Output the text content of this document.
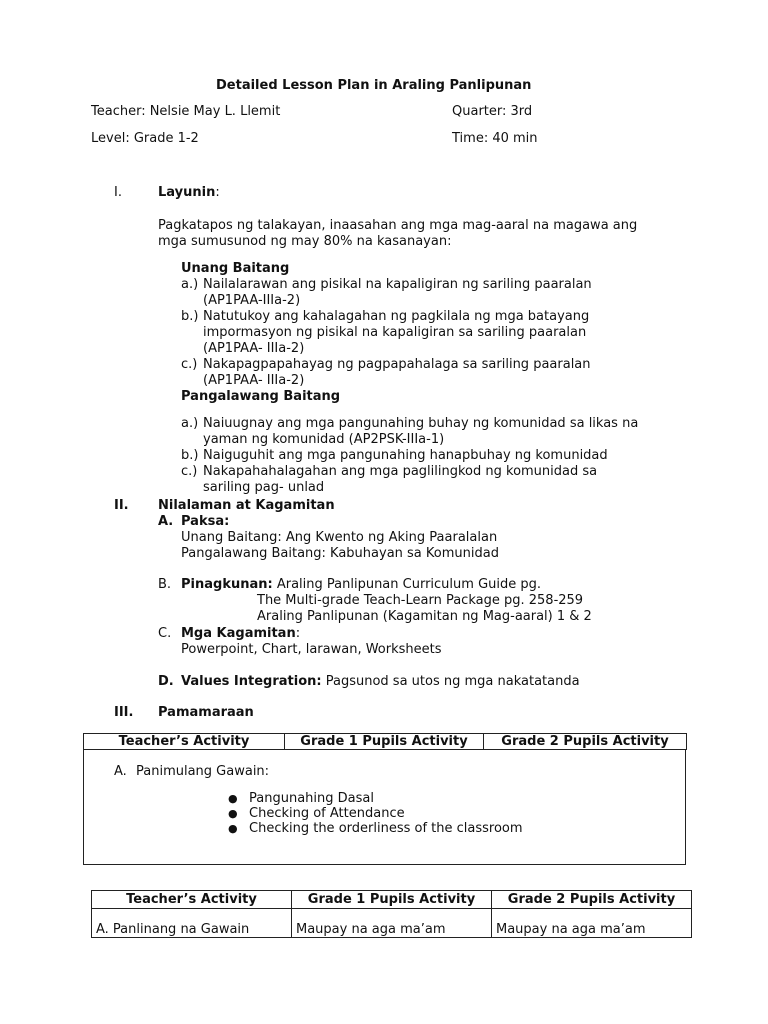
Detailed Lesson Plan in Araling Panlipunan
Teacher: Nelsie May L. Llemit	Quarter: 3rd
Level: Grade 1-2	Time: 40 min
I.	Layunin:
Pagkatapos ng talakayan, inaasahan ang mga mag-aaral na magawa ang
mga sumusunod ng may 80% na kasanayan:
Unang Baitang
a.) Nailalarawan ang pisikal na kapaligiran ng sariling paaralan
(AP1PAA-IIIa-2)
b.) Natutukoy ang kahalagahan ng pagkilala ng mga batayang
impormasyon ng pisikal na kapaligiran sa sariling paaralan
(AP1PAA- IIIa-2)
c.) Nakapagpapahayag ng pagpapahalaga sa sariling paaralan
(AP1PAA- IIIa-2)
Pangalawang Baitang
a.) Naiuugnay ang mga pangunahing buhay ng komunidad sa likas na
yaman ng komunidad (AP2PSK-IIIa-1)
b.) Naiguguhit ang mga pangunahing hanapbuhay ng komunidad
c.) Nakapahahalagahan ang mga paglilingkod ng komunidad sa
sariling pag- unlad
II. Nilalaman at Kagamitan
A. Paksa:
Unang Baitang: Ang Kwento ng Aking Paaralalan
Pangalawang Baitang: Kabuhayan sa Komunidad
B. Pinagkunan: Araling Panlipunan Curriculum Guide pg.
The Multi-grade Teach-Learn Package pg. 258-259
Araling Panlipunan (Kagamitan ng Mag-aaral) 1 & 2
C. Mga Kagamitan:
Powerpoint, Chart, larawan, Worksheets
D. Values Integration: Pagsunod sa utos ng mga nakatatanda
III. Pamamaraan
Teacher’s Activity	Grade 1 Pupils Activity	Grade 2 Pupils Activity
A. Panimulang Gawain:
● Pangunahing Dasal
● Checking of Attendance
● Checking the orderliness of the classroom
Teacher’s Activity	Grade 1 Pupils Activity	Grade 2 Pupils Activity
A. Panlinang na Gawain	Maupay na aga ma’am	Maupay na aga ma’am
